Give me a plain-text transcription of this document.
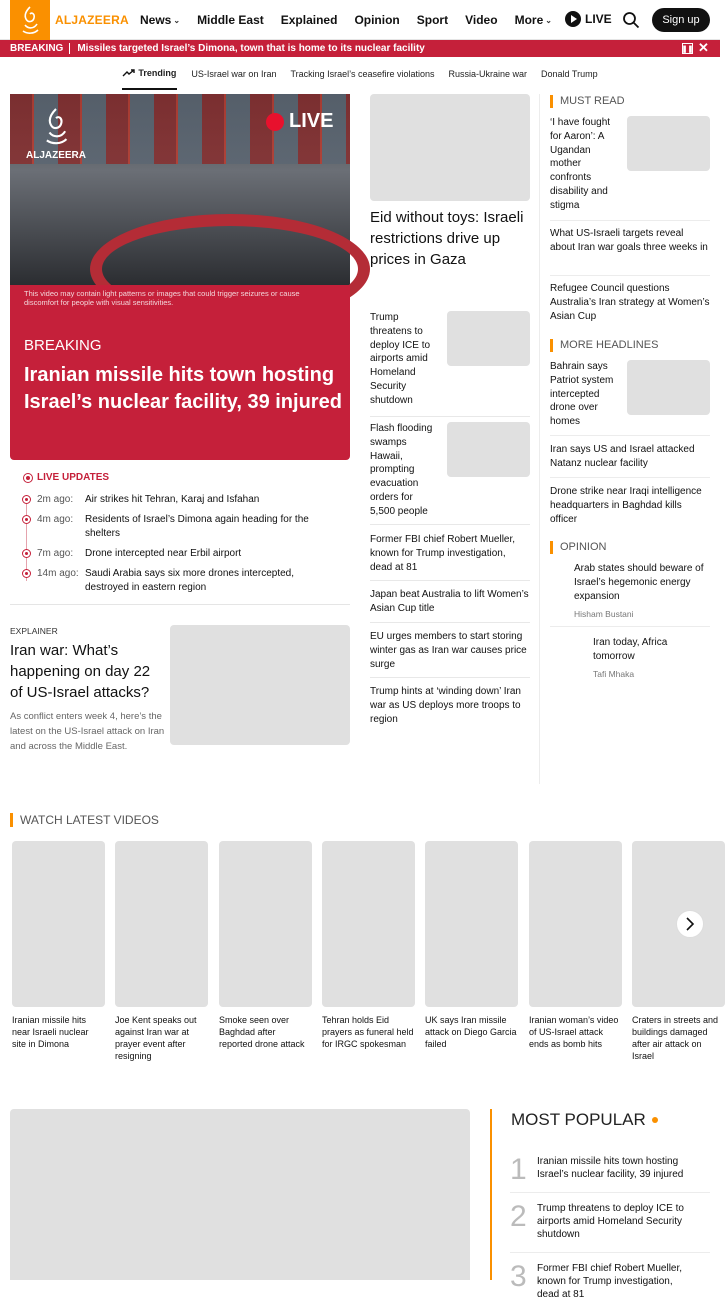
ALJAZEERA News ⌄ Middle East Explained Opinion Sport Video More ⌄	LIVE	Sign up
BREAKING	Missiles targeted Israel’s Dimona, town that is home to its nuclear facility	❚❚ ✕
Trending US-Israel war on Iran Tracking Israel’s ceasefire violations Russia-Ukraine war Donald Trump
ALJAZEERA
LIVE
This video may contain light patterns or images that could trigger seizures or cause discomfort for people with visual sensitivities.
BREAKING
Iranian missile hits town hosting Israel’s nuclear facility, 39 injured
LIVE UPDATES
2m ago:	Air strikes hit Tehran, Karaj and Isfahan
4m ago:	Residents of Israel’s Dimona again heading for the shelters
7m ago:	Drone intercepted near Erbil airport
14m ago: Saudi Arabia says six more drones intercepted, destroyed in eastern region
EXPLAINER
Iran war: What’s happening on day 22 of US-Israel attacks?
As conflict enters week 4, here’s the latest on the US-Israel attack on Iran and across the Middle East.
Eid without toys: Israeli restrictions drive up prices in Gaza
Trump threatens to deploy ICE to airports amid Homeland Security shutdown
Flash flooding swamps Hawaii, prompting evacuation orders for 5,500 people
Former FBI chief Robert Mueller, known for Trump investigation, dead at 81
Japan beat Australia to lift Women’s Asian Cup title
EU urges members to start storing winter gas as Iran war causes price surge
Trump hints at ‘winding down’ Iran war as US deploys more troops to region
MUST READ
‘I have fought for Aaron’: A Ugandan mother confronts disability and stigma
What US-Israeli targets reveal about Iran war goals three weeks in
Refugee Council questions Australia’s Iran strategy at Women’s Asian Cup
MORE HEADLINES
Bahrain says Patriot system intercepted drone over homes
Iran says US and Israel attacked Natanz nuclear facility
Drone strike near Iraqi intelligence headquarters in Baghdad kills officer
OPINION
Arab states should beware of Israel’s hegemonic energy expansion
Hisham Bustani
Iran today, Africa tomorrow
Tafi Mhaka
WATCH LATEST VIDEOS
Iranian missile hits near Israeli nuclear site in Dimona
Joe Kent speaks out against Iran war at prayer event after resigning
Smoke seen over Baghdad after reported drone attack
Tehran holds Eid prayers as funeral held for IRGC spokesman
UK says Iran missile attack on Diego Garcia failed
Iranian woman’s video of US-Israel attack ends as bomb hits
Craters in streets and buildings damaged after air attack on Israel
MOST POPULAR
1 Iranian missile hits town hosting Israel’s nuclear facility, 39 injured
2 Trump threatens to deploy ICE to airports amid Homeland Security shutdown
3 Former FBI chief Robert Mueller, known for Trump investigation, dead at 81
